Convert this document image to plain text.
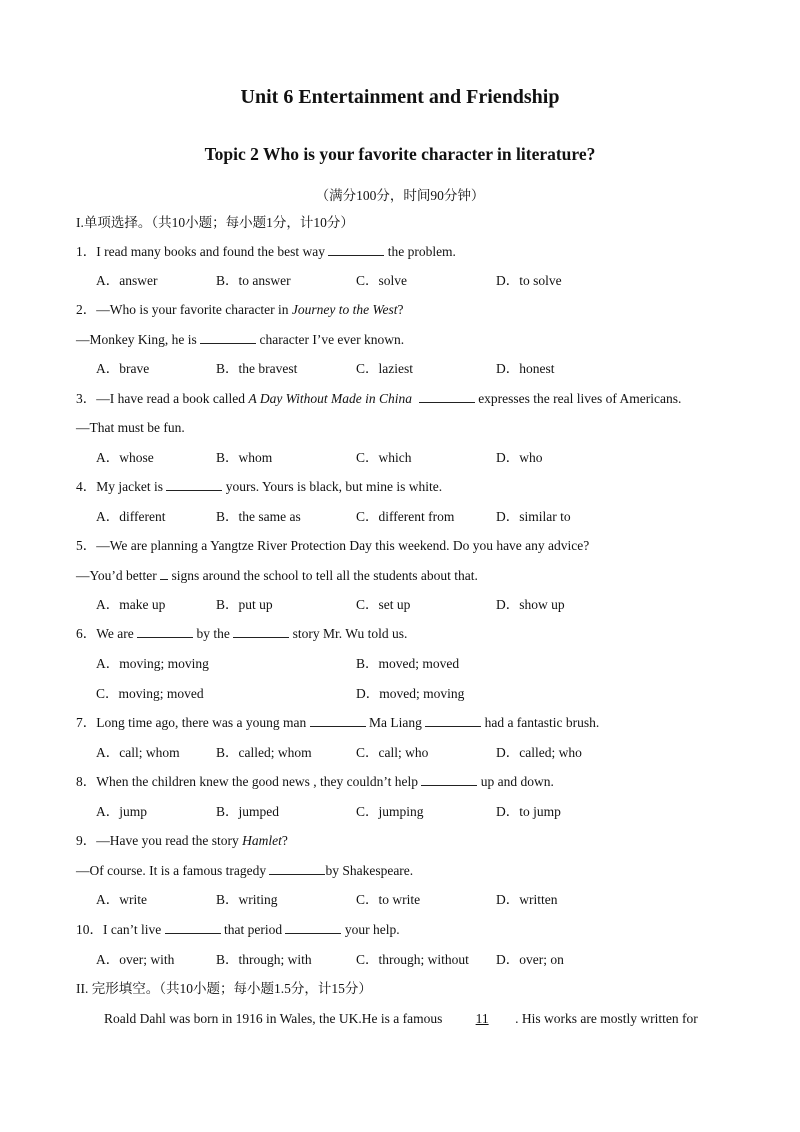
Unit 6 Entertainment and Friendship
Topic 2 Who is your favorite character in literature?
（满分100分，时间90分钟）
I.单项选择。（共10小题；每小题1分，计10分）
1．I read many books and found the best way	the problem.
A．answer	B．to answer	C．solve	D．to solve
2．—Who is your favorite character in Journey to the West?
—Monkey King, he is	character I’ve ever known.
A．brave	B．the bravest	C．laziest	D．honest
3．—I have read a book called A Day Without Made in China	expresses the real lives of Americans.
—That must be fun.
A．whose	B．whom	C．which	D．who
4．My jacket is	yours. Yours is black, but mine is white.
A．different	B．the same as	C．different from	D．similar to
5．—We are planning a Yangtze River Protection Day this weekend. Do you have any advice?
—You’d better  signs around the school to tell all the students about that.
A．make up	B．put up	C．set up	D．show up
6．We are	by the	story Mr. Wu told us.
A．moving; moving	B．moved; moved
C．moving; moved	D．moved; moving
7．Long time ago, there was a young man	Ma Liang	had a fantastic brush.
A．call; whom	B．called; whom	C．call; who	D．called; who
8．When the children knew the good news , they couldn’t help	up and down.
A．jump	B．jumped	C．jumping	D．to jump
9．—Have you read the story Hamlet?
—Of course. It is a famous tragedy	by Shakespeare.
A．write	B．writing	C．to write	D．written
10．I can’t live	that period	your help.
A．over; with	B．through; with	C．through; without D．over; on
II. 完形填空。（共10小题；每小题1.5分，计15分）
Roald Dahl was born in 1916 in Wales, the UK.He is a famous  11 . His works are mostly written for
